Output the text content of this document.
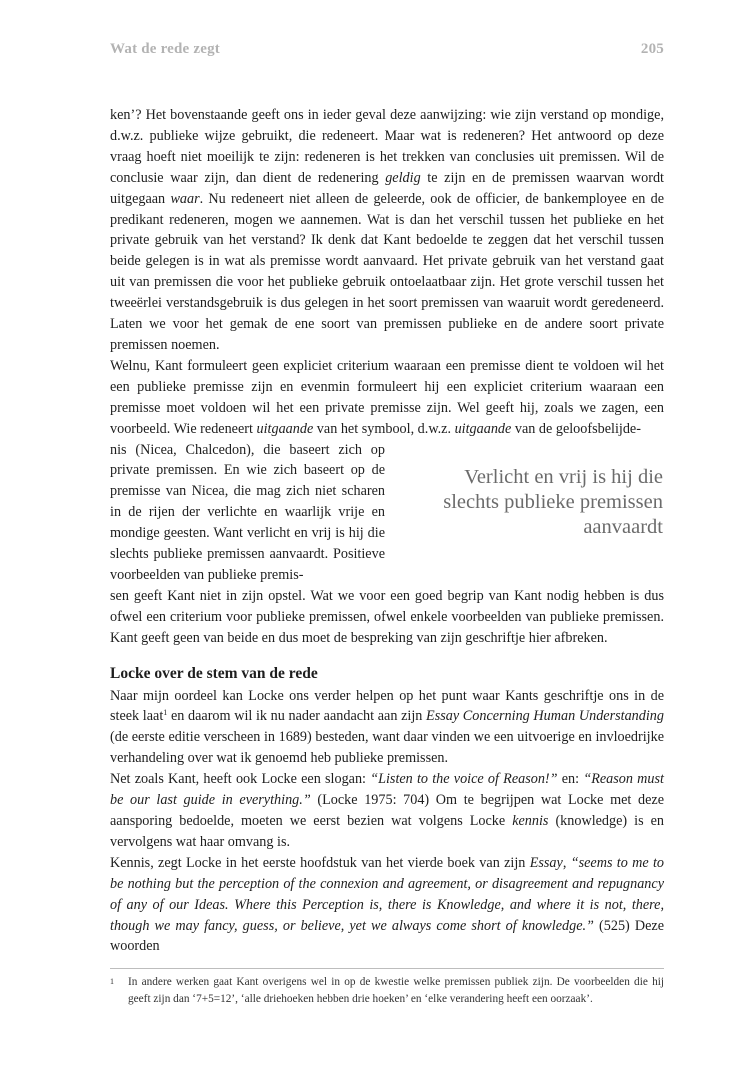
Wat de rede zegt	205

ken’? Het bovenstaande geeft ons in ieder geval deze aanwijzing: wie zijn verstand op mondige, d.w.z. publieke wijze gebruikt, die redeneert. Maar wat is redeneren? Het antwoord op deze vraag hoeft niet moeilijk te zijn: redeneren is het trekken van conclusies uit premissen. Wil de conclusie waar zijn, dan dient de redenering geldig te zijn en de premissen waarvan wordt uitgegaan waar. Nu redeneert niet alleen de geleerde, ook de officier, de bankemployee en de predikant redeneren, mogen we aannemen. Wat is dan het verschil tussen het publieke en het private gebruik van het verstand? Ik denk dat Kant bedoelde te zeggen dat het verschil tussen beide gelegen is in wat als premisse wordt aanvaard. Het private gebruik van het verstand gaat uit van premissen die voor het publieke gebruik ontoelaatbaar zijn. Het grote verschil tussen het tweeërlei verstandsgebruik is dus gelegen in het soort premissen van waaruit wordt geredeneerd. Laten we voor het gemak de ene soort van premissen publieke en de andere soort private premissen noemen.

Welnu, Kant formuleert geen expliciet criterium waaraan een premisse dient te voldoen wil het een publieke premisse zijn en evenmin formuleert hij een expliciet criterium waaraan een premisse moet voldoen wil het een private premisse zijn. Wel geeft hij, zoals we zagen, een voorbeeld. Wie redeneert uitgaande van het symbool, d.w.z. uitgaande van de geloofsbelijde-

nis (Nicea, Chalcedon), die baseert zich op private premissen. En wie zich baseert op de premisse van Nicea, die mag zich niet scharen in de rijen der verlichte en waarlijk vrije en mondige geesten. Want verlicht en vrij is hij die slechts publieke premissen aanvaardt. Positieve voorbeelden van publieke premis-

sen geeft Kant niet in zijn opstel. Wat we voor een goed begrip van Kant nodig hebben is dus ofwel een criterium voor publieke premissen, ofwel enkele voorbeelden van publieke premissen. Kant geeft geen van beide en dus moet de bespreking van zijn geschriftje hier afbreken.

Locke over de stem van de rede

Naar mijn oordeel kan Locke ons verder helpen op het punt waar Kants geschriftje ons in de steek laat$^1$ en daarom wil ik nu nader aandacht aan zijn Essay Concerning Human Understanding (de eerste editie verscheen in 1689) besteden, want daar vinden we een uitvoerige en invloedrijke verhandeling over wat ik genoemd heb publieke premissen.

Net zoals Kant, heeft ook Locke een slogan: “Listen to the voice of Reason!” en: “Reason must be our last guide in everything.” (Locke 1975: 704) Om te begrijpen wat Locke met deze aansporing bedoelde, moeten we eerst bezien wat volgens Locke kennis (knowledge) is en vervolgens wat haar omvang is.

Kennis, zegt Locke in het eerste hoofdstuk van het vierde boek van zijn Essay, “seems to me to be nothing but the perception of the connexion and agreement, or disagreement and repugnancy of any of our Ideas. Where this Perception is, there is Knowledge, and where it is not, there, though we may fancy, guess, or believe, yet we always come short of knowledge.” (525) Deze woorden

Verlicht en vrij is hij die slechts publieke premissen aanvaardt
1 In andere werken gaat Kant overigens wel in op de kwestie welke premissen publiek zijn. De voorbeelden die hij geeft zijn dan ‘7+5=12’, ‘alle driehoeken hebben drie hoeken’ en ‘elke verandering heeft een oorzaak’.
